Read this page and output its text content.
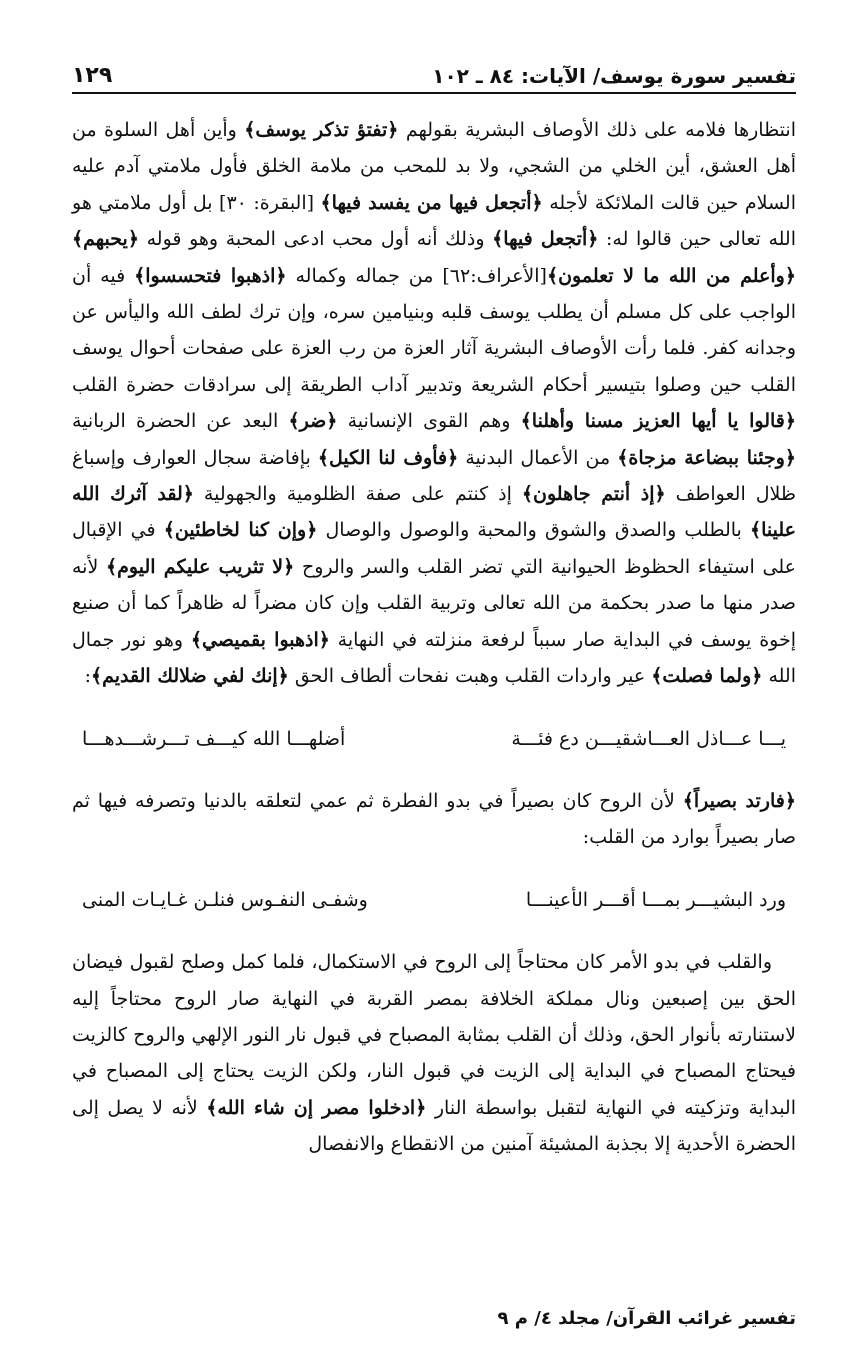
تفسير سورة يوسف/ الآيات: ٨٤ ـ ١٠٢
١٢٩

انتظارها فلامه على ذلك الأوصاف البشرية بقولهم ﴿تفتؤ تذكر يوسف﴾ وأين أهل السلوة من أهل العشق، أين الخلي من الشجي، ولا بد للمحب من ملامة الخلق فأول ملامتي آدم عليه السلام حين قالت الملائكة لأجله ﴿أتجعل فيها من يفسد فيها﴾ [البقرة: ٣٠] بل أول ملامتي هو الله تعالى حين قالوا له: ﴿أتجعل فيها﴾ وذلك أنه أول محب ادعى المحبة وهو قوله ﴿يحبهم﴾ ﴿وأعلم من الله ما لا تعلمون﴾[الأعراف:٦٢] من جماله وكماله ﴿اذهبوا فتحسسوا﴾ فيه أن الواجب على كل مسلم أن يطلب يوسف قلبه وبنيامين سره، وإن ترك لطف الله واليأس عن وجدانه كفر. فلما رأت الأوصاف البشرية آثار العزة من رب العزة على صفحات أحوال يوسف القلب حين وصلوا بتيسير أحكام الشريعة وتدبير آداب الطريقة إلى سرادقات حضرة القلب ﴿قالوا يا أيها العزيز مسنا وأهلنا﴾ وهم القوى الإنسانية ﴿ضر﴾ البعد عن الحضرة الربانية ﴿وجئنا ببضاعة مزجاة﴾ من الأعمال البدنية ﴿فأوف لنا الكيل﴾ بإفاضة سجال العوارف وإسباغ ظلال العواطف ﴿إذ أنتم جاهلون﴾ إذ كنتم على صفة الظلومية والجهولية ﴿لقد آثرك الله علينا﴾ بالطلب والصدق والشوق والمحبة والوصول والوصال ﴿وإن كنا لخاطئين﴾ في الإقبال على استيفاء الحظوظ الحيوانية التي تضر القلب والسر والروح ﴿لا تثريب عليكم اليوم﴾ لأنه صدر منها ما صدر بحكمة من الله تعالى وتربية القلب وإن كان مضراً له ظاهراً كما أن صنيع إخوة يوسف في البداية صار سبباً لرفعة منزلته في النهاية ﴿اذهبوا بقميصي﴾ وهو نور جمال الله ﴿ولما فصلت﴾ عير واردات القلب وهبت نفحات ألطاف الحق ﴿إنك لفي ضلالك القديم﴾:

يـــا عـــاذل العـــاشقيـــن دع فئـــة
أضلهـــا الله كيـــف تـــرشـــدهـــا

﴿فارتد بصيراً﴾ لأن الروح كان بصيراً في بدو الفطرة ثم عمي لتعلقه بالدنيا وتصرفه فيها ثم صار بصيراً بوارد من القلب:

ورد البشيـــر بمـــا أقـــر الأعينـــا
وشفـى النفـوس فنلـن غـايـات المنى

والقلب في بدو الأمر كان محتاجاً إلى الروح في الاستكمال، فلما كمل وصلح لقبول فيضان الحق بين إصبعين ونال مملكة الخلافة بمصر القربة في النهاية صار الروح محتاجاً إليه لاستنارته بأنوار الحق، وذلك أن القلب بمثابة المصباح في قبول نار النور الإلهي والروح كالزيت فيحتاج المصباح في البداية إلى الزيت في قبول النار، ولكن الزيت يحتاج إلى المصباح في البداية وتزكيته في النهاية لتقبل بواسطة النار ﴿ادخلوا مصر إن شاء الله﴾ لأنه لا يصل إلى الحضرة الأحدية إلا بجذبة المشيئة آمنين من الانقطاع والانفصال

تفسير غرائب القرآن/ مجلد ٤/ م ٩
